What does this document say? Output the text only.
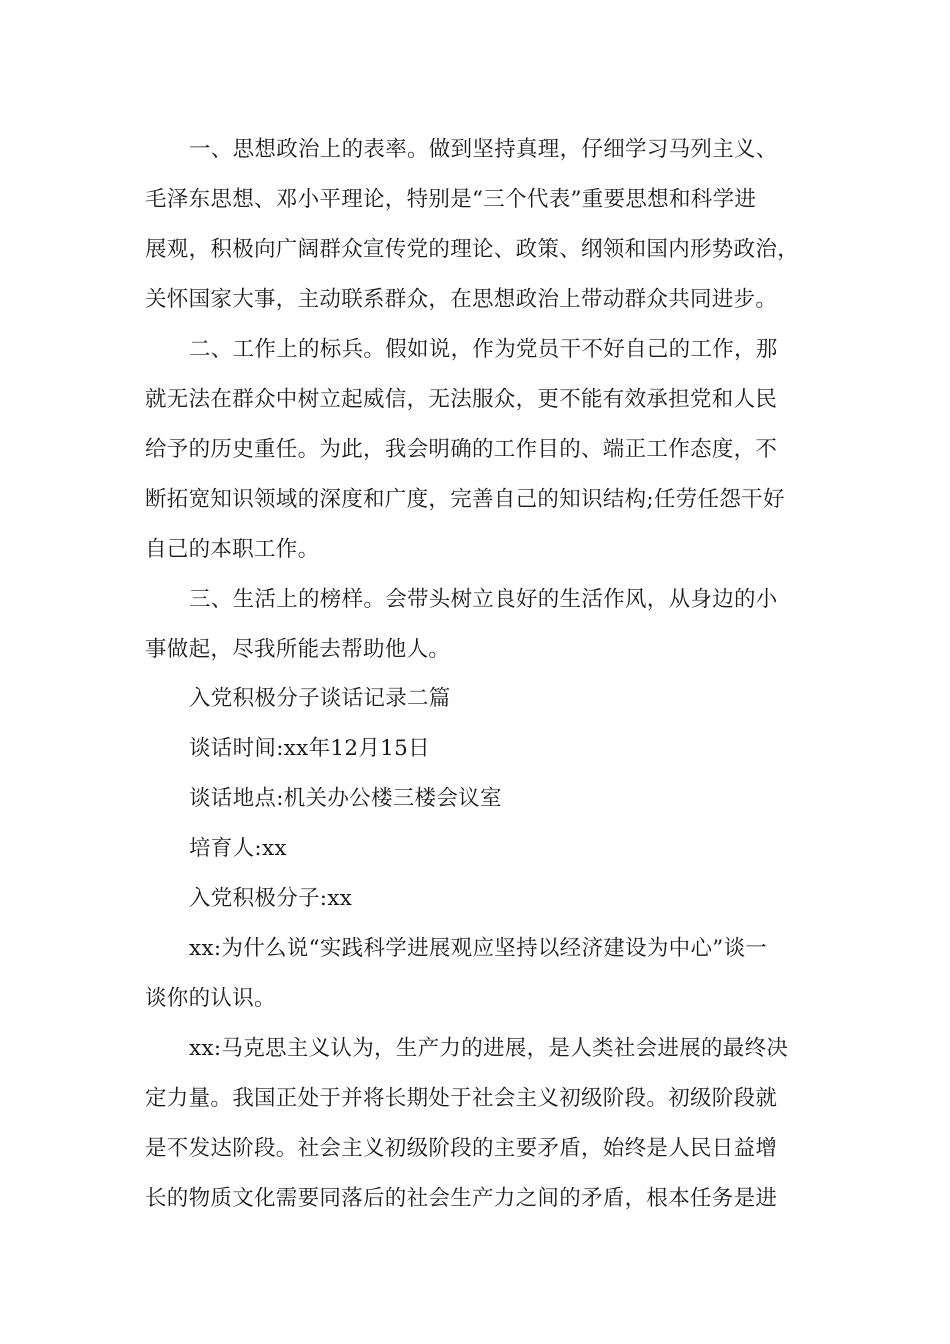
一、思想政治上的表率。做到坚持真理，仔细学习马列主义、
毛泽东思想、邓小平理论，特别是“三个代表”重要思想和科学进
展观，积极向广阔群众宣传党的理论、政策、纲领和国内形势政治，
关怀国家大事，主动联系群众，在思想政治上带动群众共同进步。
二、工作上的标兵。假如说，作为党员干不好自己的工作，那
就无法在群众中树立起威信，无法服众，更不能有效承担党和人民
给予的历史重任。为此，我会明确的工作目的、端正工作态度，不
断拓宽知识领域的深度和广度，完善自己的知识结构;任劳任怨干好
自己的本职工作。
三、生活上的榜样。会带头树立良好的生活作风，从身边的小
事做起，尽我所能去帮助他人。
入党积极分子谈话记录二篇
谈话时间:xx年12月15日
谈话地点:机关办公楼三楼会议室
培育人:xx
入党积极分子:xx
xx:为什么说“实践科学进展观应坚持以经济建设为中心”谈一
谈你的认识。
xx:马克思主义认为，生产力的进展，是人类社会进展的最终决
定力量。我国正处于并将长期处于社会主义初级阶段。初级阶段就
是不发达阶段。社会主义初级阶段的主要矛盾，始终是人民日益增
长的物质文化需要同落后的社会生产力之间的矛盾，根本任务是进
